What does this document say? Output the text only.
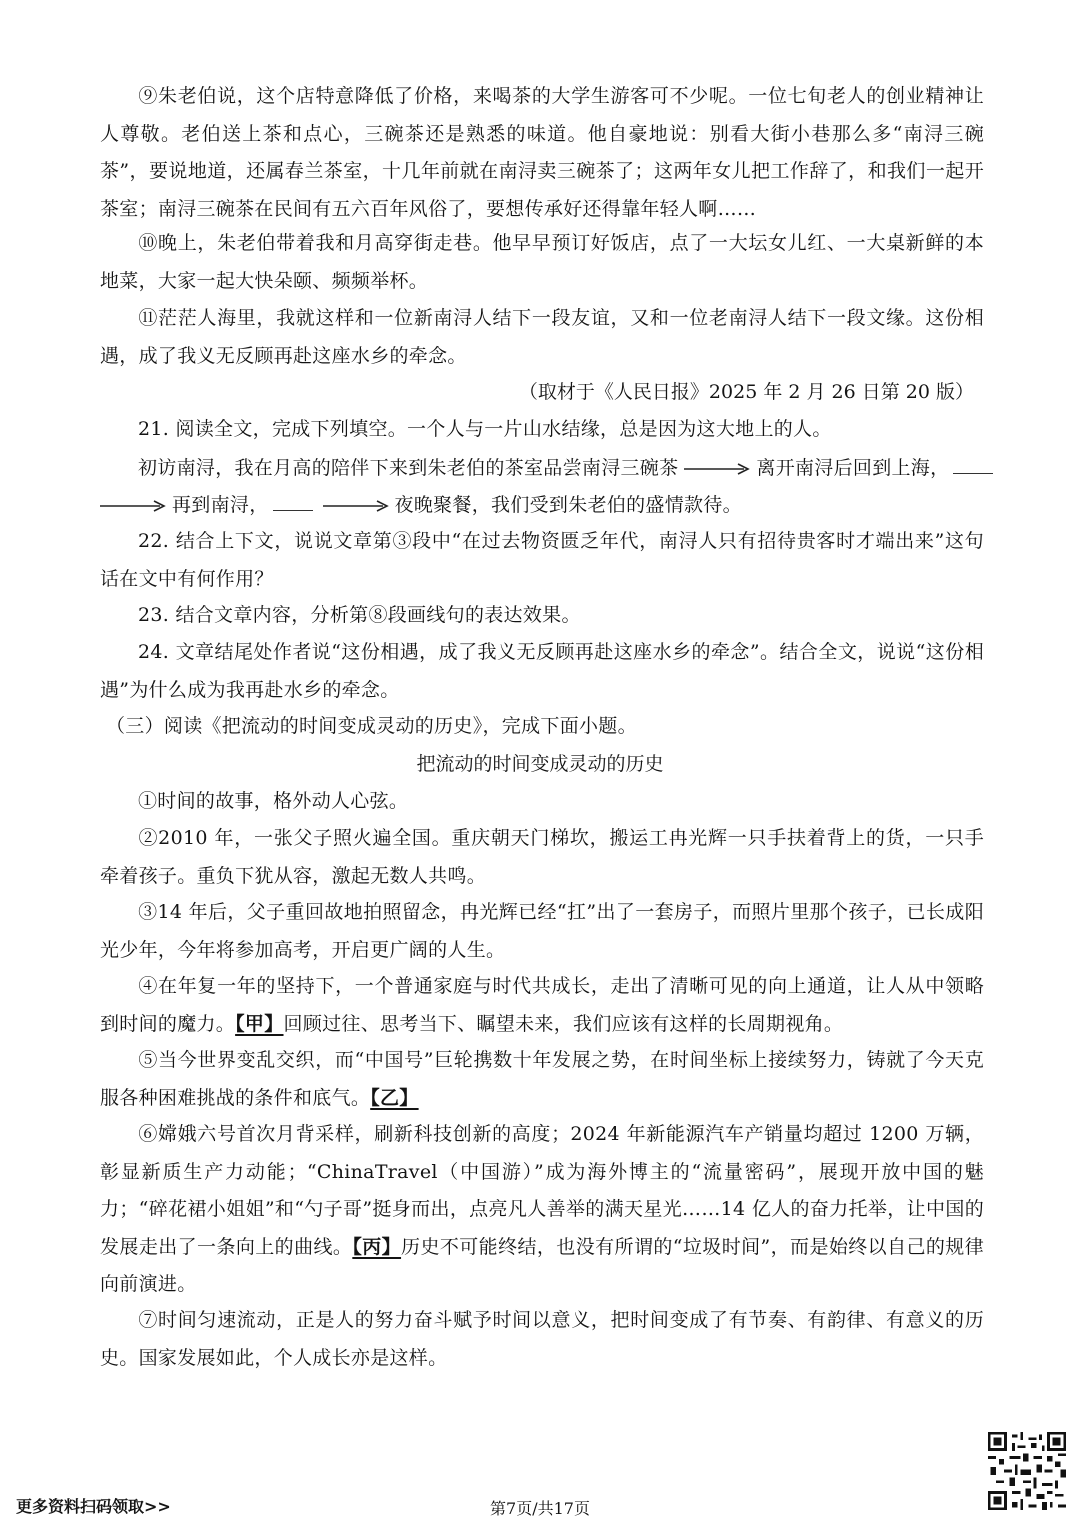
⑨朱老伯说，这个店特意降低了价格，来喝茶的大学生游客可不少呢。一位七旬老人的创业精神让人尊敬。老伯送上茶和点心，三碗茶还是熟悉的味道。他自豪地说：别看大街小巷那么多“南浔三碗茶”，要说地道，还属春兰茶室，十几年前就在南浔卖三碗茶了；这两年女儿把工作辞了，和我们一起开茶室；南浔三碗茶在民间有五六百年风俗了，要想传承好还得靠年轻人啊……

⑩晚上，朱老伯带着我和月高穿街走巷。他早早预订好饭店，点了一大坛女儿红、一大桌新鲜的本地菜，大家一起大快朵颐、频频举杯。

⑪茫茫人海里，我就这样和一位新南浔人结下一段友谊，又和一位老南浔人结下一段文缘。这份相遇，成了我义无反顾再赴这座水乡的牵念。

（取材于《人民日报》2025 年 2 月 26 日第 20 版）

21. 阅读全文，完成下列填空。一个人与一片山水结缘，总是因为这大地上的人。

初访南浔，我在月高的陪伴下来到朱老伯的茶室品尝南浔三碗茶	离开南浔后回到上海，
再到南浔，	夜晚聚餐，我们受到朱老伯的盛情款待。

22. 结合上下文，说说文章第③段中“在过去物资匮乏年代，南浔人只有招待贵客时才端出来”这句话在文中有何作用？

23. 结合文章内容，分析第⑧段画线句的表达效果。

24. 文章结尾处作者说“这份相遇，成了我义无反顾再赴这座水乡的牵念”。结合全文，说说“这份相遇”为什么成为我再赴水乡的牵念。

（三）阅读《把流动的时间变成灵动的历史》，完成下面小题。
把流动的时间变成灵动的历史

①时间的故事，格外动人心弦。

②2010 年，一张父子照火遍全国。重庆朝天门梯坎，搬运工冉光辉一只手扶着背上的货，一只手牵着孩子。重负下犹从容，激起无数人共鸣。

③14 年后，父子重回故地拍照留念，冉光辉已经“扛”出了一套房子，而照片里那个孩子，已长成阳光少年，今年将参加高考，开启更广阔的人生。

④在年复一年的坚持下，一个普通家庭与时代共成长，走出了清晰可见的向上通道，让人从中领略到时间的魔力。【甲】回顾过往、思考当下、瞩望未来，我们应该有这样的长周期视角。

⑤当今世界变乱交织，而“中国号”巨轮携数十年发展之势，在时间坐标上接续努力，铸就了今天克服各种困难挑战的条件和底气。【乙】

⑥嫦娥六号首次月背采样，刷新科技创新的高度；2024 年新能源汽车产销量均超过 1200 万辆，彰显新质生产力动能；“ChinaTravel（中国游）”成为海外博主的“流量密码”，展现开放中国的魅力；“碎花裙小姐姐”和“勺子哥”挺身而出，点亮凡人善举的满天星光……14 亿人的奋力托举，让中国的发展走出了一条向上的曲线。【丙】历史不可能终结，也没有所谓的“垃圾时间”，而是始终以自己的规律向前演进。

⑦时间匀速流动，正是人的努力奋斗赋予时间以意义，把时间变成了有节奏、有韵律、有意义的历史。国家发展如此，个人成长亦是这样。

更多资料扫码领取>>	第7页/共17页
